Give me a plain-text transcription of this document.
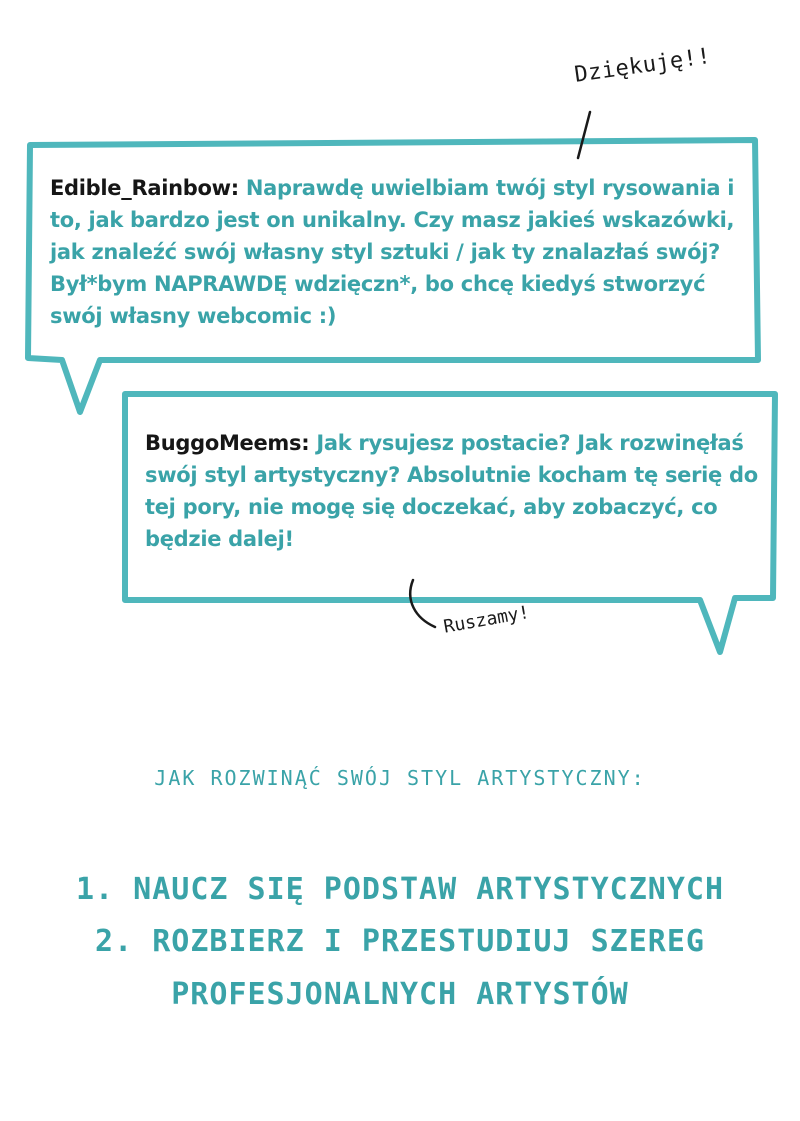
Edible_Rainbow: Naprawdę uwielbiam twój styl rysowania i to, jak bardzo jest on unikalny. Czy masz jakieś wskazówki, jak znaleźć swój własny styl sztuki / jak ty znalazłaś swój? Był*bym NAPRAWDĘ wdzięczn*, bo chcę kiedyś stworzyć swój własny webcomic :)
BuggoMeems: Jak rysujesz postacie? Jak rozwinęłaś swój styl artystyczny? Absolutnie kocham tę serię do tej pory, nie mogę się doczekać, aby zobaczyć, co będzie dalej!
Dziękuję!!
Ruszamy!
JAK ROZWINĄĆ SWÓJ STYL ARTYSTYCZNY:
1. NAUCZ SIĘ PODSTAW ARTYSTYCZNYCH
2. ROZBIERZ I PRZESTUDIUJ SZEREG
PROFESJONALNYCH ARTYSTÓW
